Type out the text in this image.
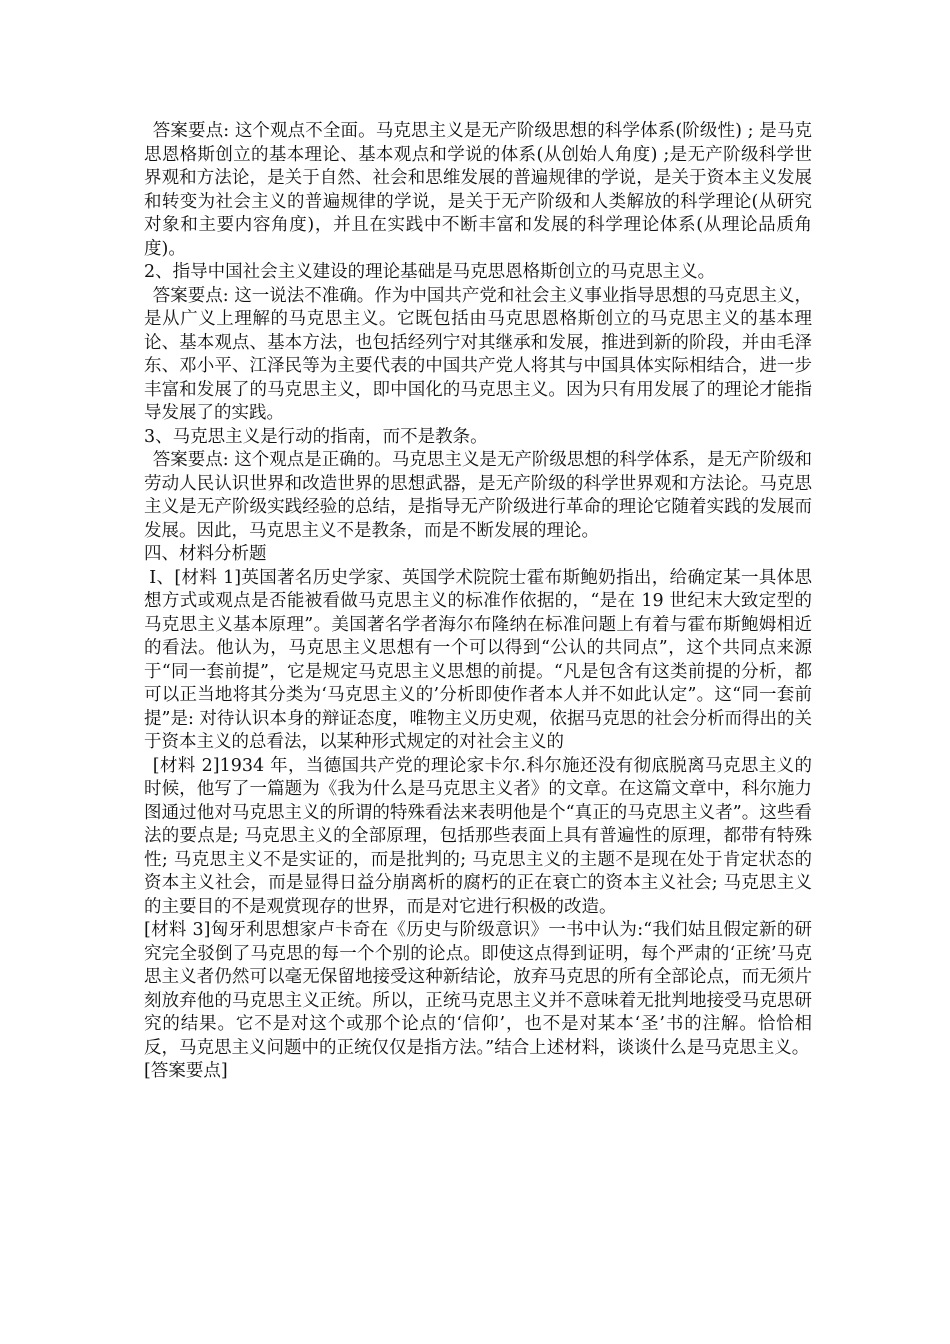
答案要点: 这个观点不全面。马克思主义是无产阶级思想的科学体系(阶级性) ; 是马克思恩格斯创立的基本理论、基本观点和学说的体系(从创始人角度) ;是无产阶级科学世界观和方法论，是关于自然、社会和思维发展的普遍规律的学说，是关于资本主义发展和转变为社会主义的普遍规律的学说，是关于无产阶级和人类解放的科学理论(从研究对象和主要内容角度)，并且在实践中不断丰富和发展的科学理论体系(从理论品质角度)。

2、指导中国社会主义建设的理论基础是马克思恩格斯创立的马克思主义。

答案要点: 这一说法不准确。作为中国共产党和社会主义事业指导思想的马克思主义，是从广义上理解的马克思主义。它既包括由马克思恩格斯创立的马克思主义的基本理论、基本观点、基本方法，也包括经列宁对其继承和发展，推进到新的阶段，并由毛泽东、邓小平、江泽民等为主要代表的中国共产党人将其与中国具体实际相结合，进一步丰富和发展了的马克思主义，即中国化的马克思主义。因为只有用发展了的理论才能指导发展了的实践。

3、马克思主义是行动的指南，而不是教条。

答案要点: 这个观点是正确的。马克思主义是无产阶级思想的科学体系，是无产阶级和劳动人民认识世界和改造世界的思想武器，是无产阶级的科学世界观和方法论。马克思主义是无产阶级实践经验的总结，是指导无产阶级进行革命的理论它随着实践的发展而发展。因此，马克思主义不是教条，而是不断发展的理论。

四、材料分析题

I、[材料 1]英国著名历史学家、英国学术院院士霍布斯鲍奶指出，给确定某一具体思想方式或观点是否能被看做马克思主义的标准作依据的，“是在 19 世纪末大致定型的马克思主义基本原理”。美国著名学者海尔布隆纳在标准问题上有着与霍布斯鲍姆相近的看法。他认为，马克思主义思想有一个可以得到“公认的共同点”，这个共同点来源于“同一套前提”，它是规定马克思主义思想的前提。“凡是包含有这类前提的分析，都可以正当地将其分类为‘马克思主义的’分析即使作者本人并不如此认定”。这“同一套前提”是: 对待认识本身的辩证态度，唯物主义历史观，依据马克思的社会分析而得出的关于资本主义的总看法，以某种形式规定的对社会主义的

[材料 2]1934 年，当德国共产党的理论家卡尔.科尔施还没有彻底脱离马克思主义的时候，他写了一篇题为《我为什么是马克思主义者》的文章。在这篇文章中，科尔施力图通过他对马克思主义的所谓的特殊看法来表明他是个“真正的马克思主义者”。这些看法的要点是; 马克思主义的全部原理，包括那些表面上具有普遍性的原理，都带有特殊性; 马克思主义不是实证的，而是批判的; 马克思主义的主题不是现在处于肯定状态的资本主义社会，而是显得日益分崩离析的腐朽的正在衰亡的资本主义社会; 马克思主义的主要目的不是观赏现存的世界，而是对它进行积极的改造。

[材料 3]匈牙利思想家卢卡奇在《历史与阶级意识》一书中认为:“我们姑且假定新的研究完全驳倒了马克思的每一个个别的论点。即使这点得到证明，每个严肃的‘正统’马克思主义者仍然可以毫无保留地接受这种新结论，放弃马克思的所有全部论点，而无须片刻放弃他的马克思主义正统。所以，正统马克思主义并不意味着无批判地接受马克思研究的结果。它不是对这个或那个论点的‘信仰’，也不是对某本‘圣’书的注解。恰恰相反，马克思主义问题中的正统仅仅是指方法。”结合上述材料，谈谈什么是马克思主义。

[答案要点]
